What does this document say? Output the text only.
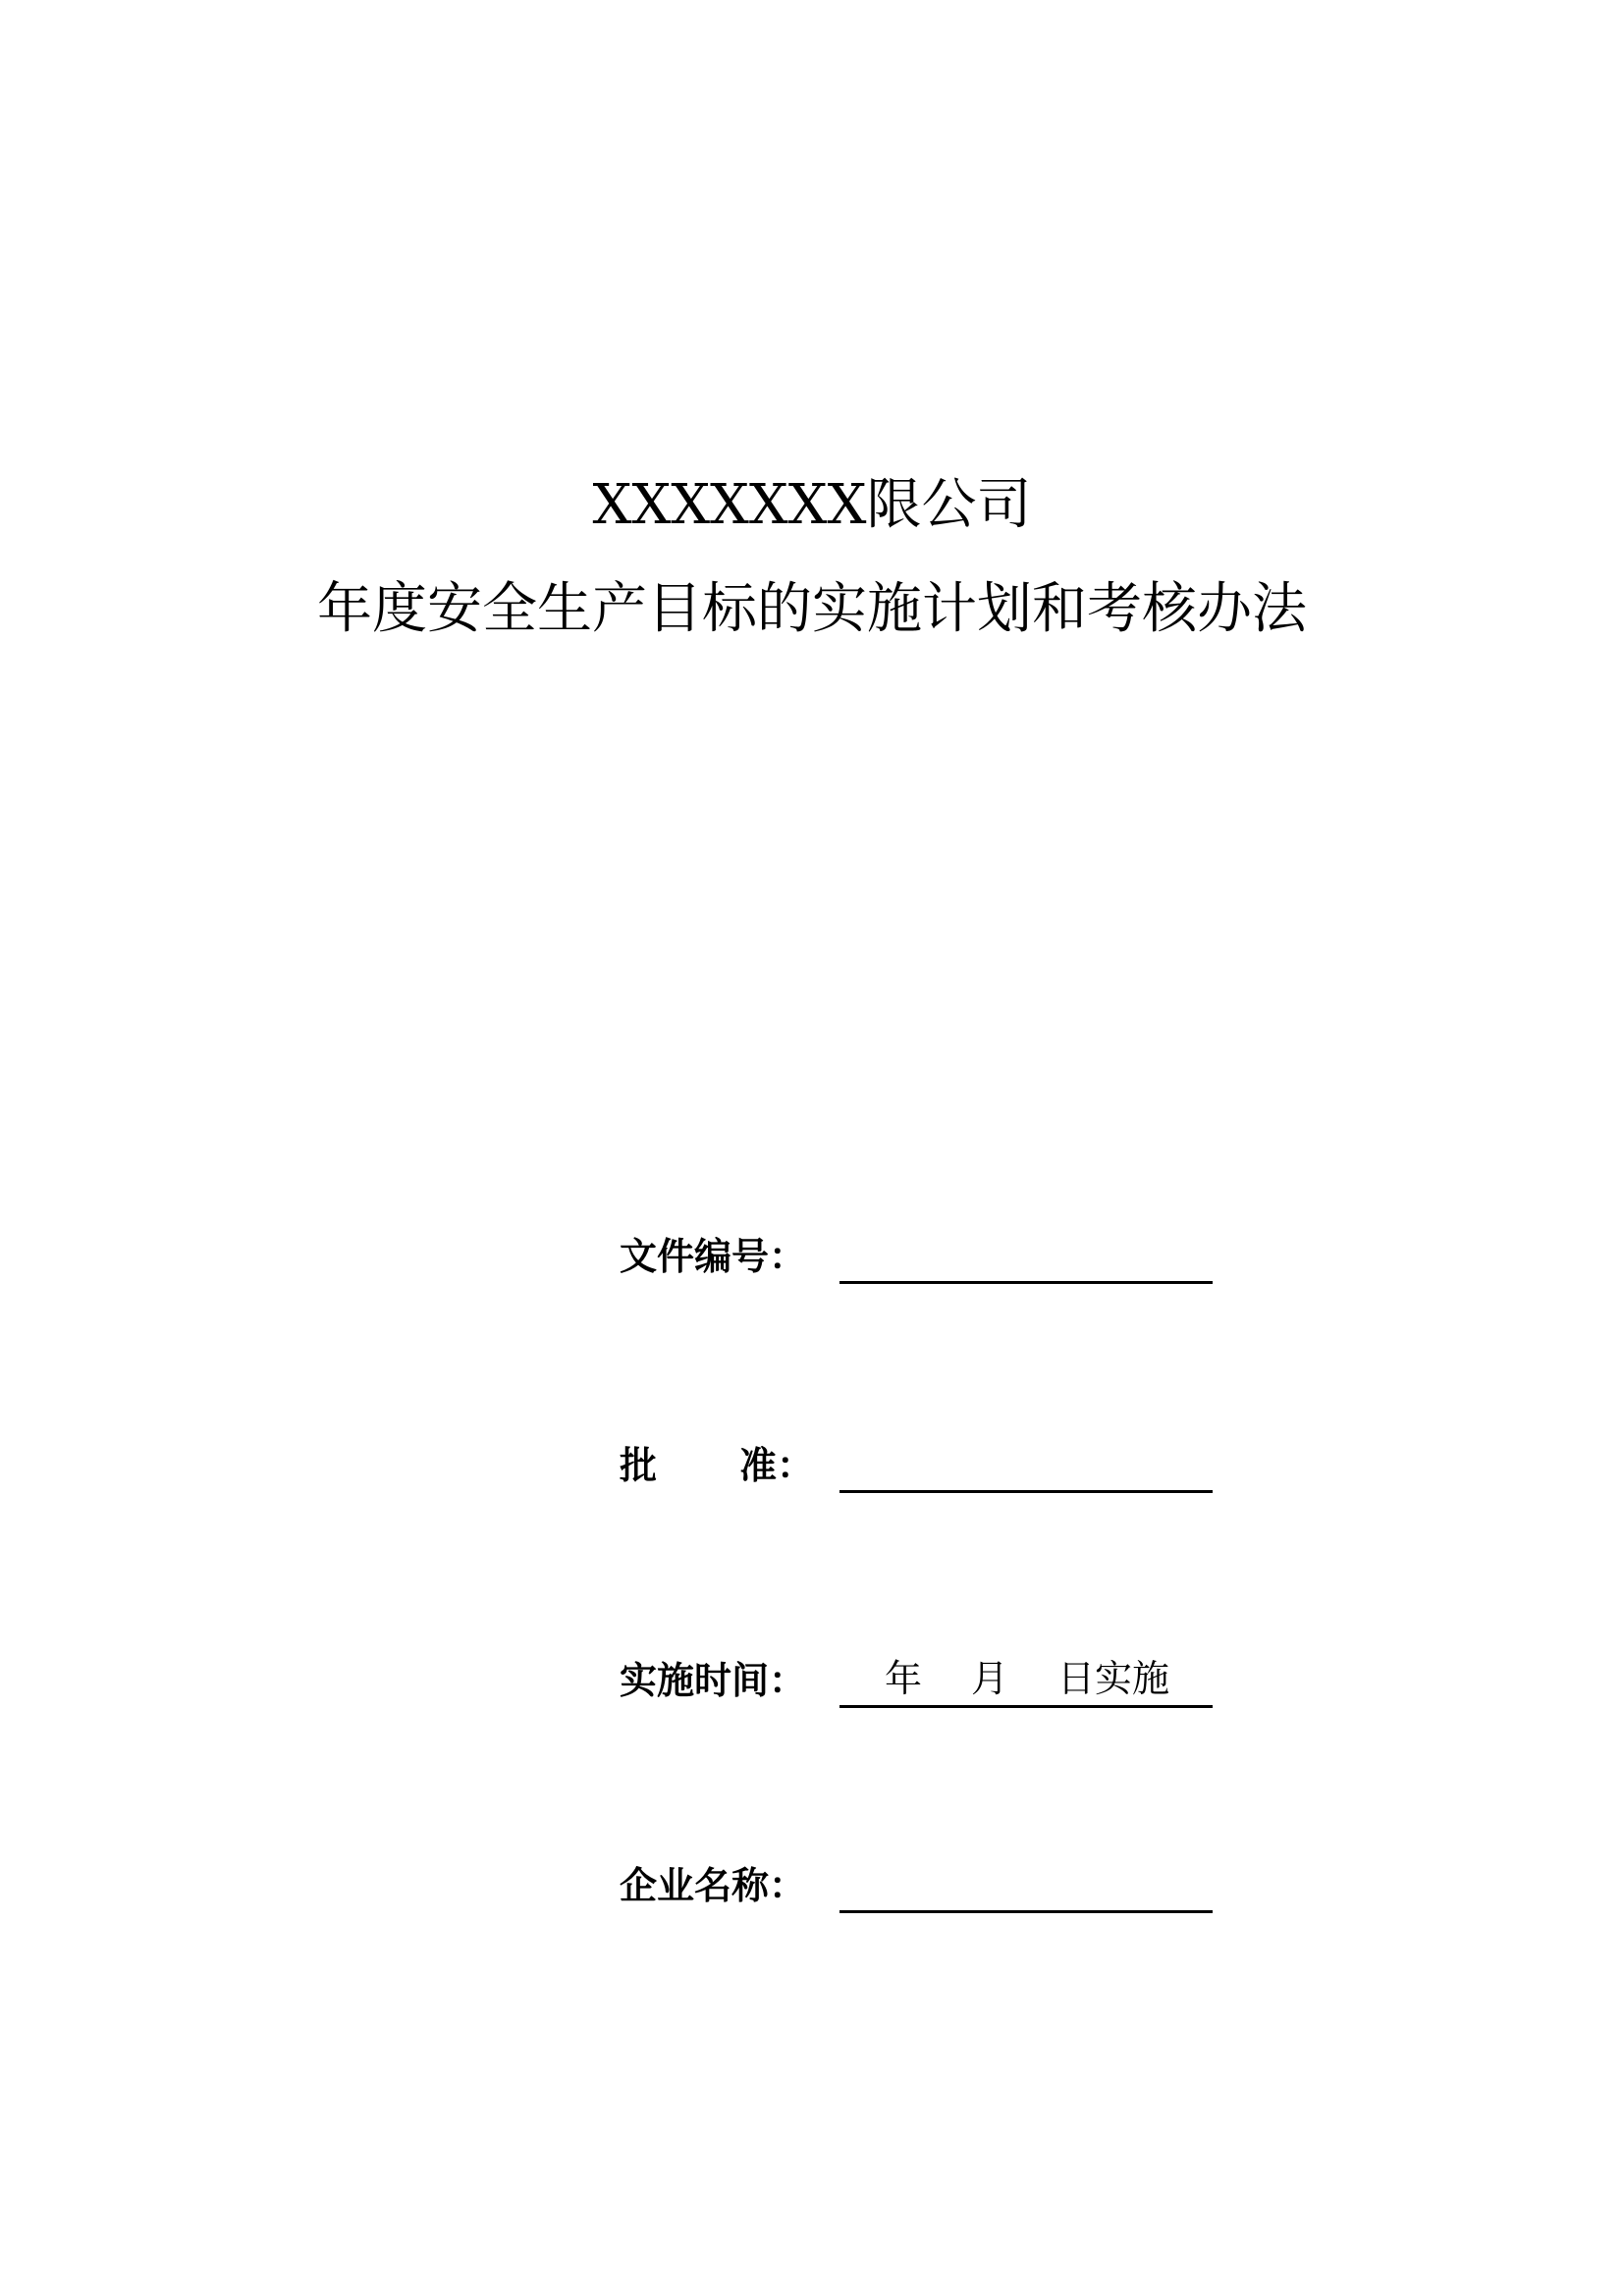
XXXXXXX限公司
年度安全生产目标的实施计划和考核办法
文件编号：
批 准：
实施时间： 年 月 日实施
企业名称：
